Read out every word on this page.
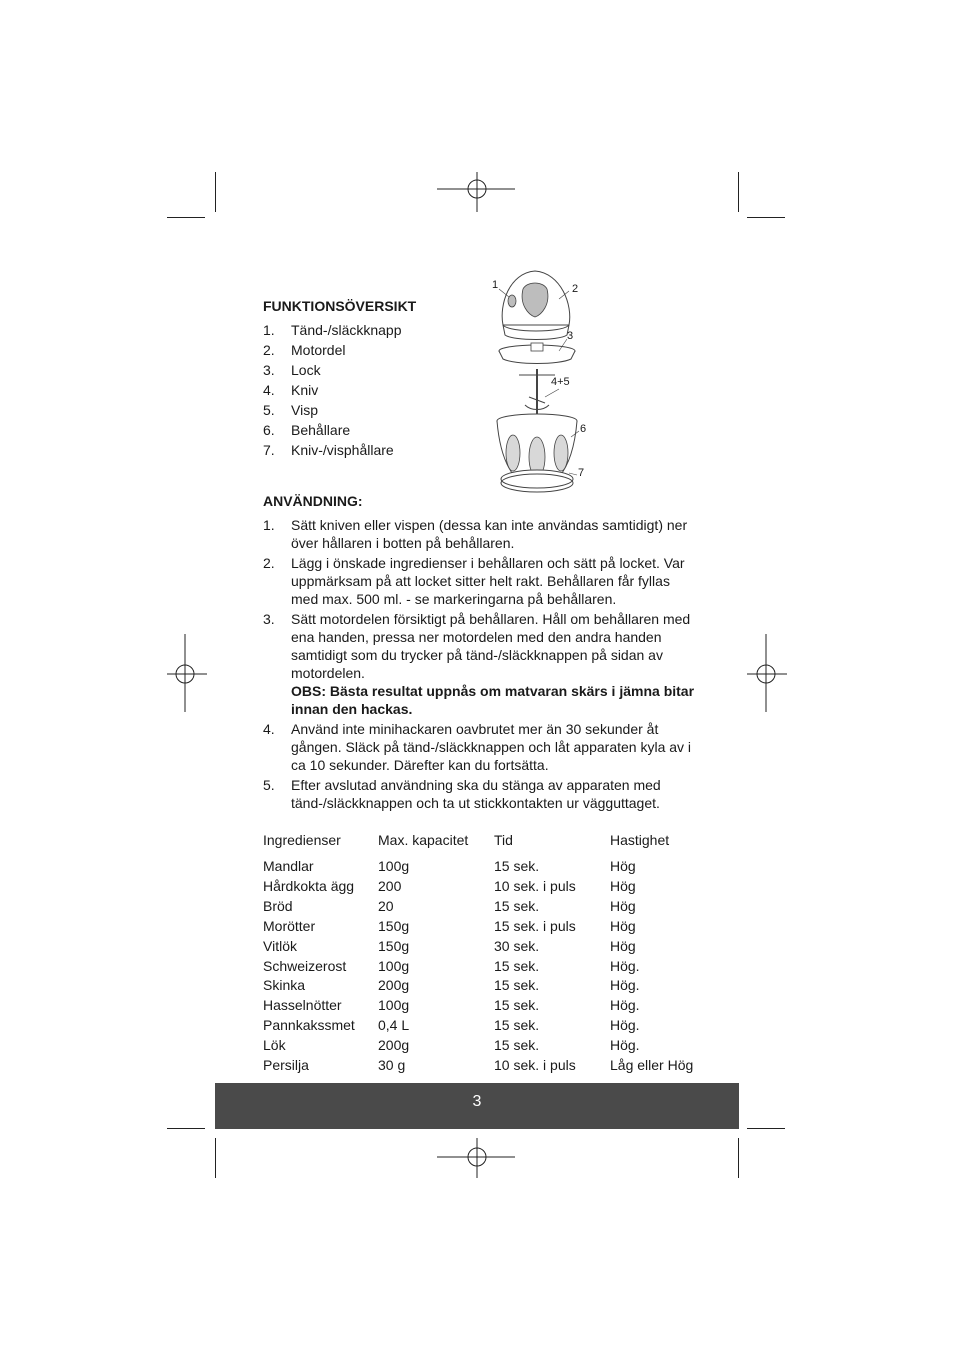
FUNKTIONSÖVERSIKT
1. Tänd-/släckknapp
2. Motordel
3. Lock
4. Kniv
5. Visp
6. Behållare
7. Kniv-/visphållare
1	2
3
4+5
6
7
ANVÄNDNING:
1. Sätt kniven eller vispen (dessa kan inte användas samtidigt) ner över hållaren i botten på behållaren.
2. Lägg i önskade ingredienser i behållaren och sätt på locket. Var uppmärksam på att locket sitter helt rakt. Behållaren får fyllas med max. 500 ml. - se markeringarna på behållaren.
3. Sätt motordelen försiktigt på behållaren. Håll om behållaren med ena handen, pressa ner motordelen med den andra handen samtidigt som du trycker på tänd-/släckknappen på sidan av motordelen.
OBS: Bästa resultat uppnås om matvaran skärs i jämna bitar innan den hackas.
4. Använd inte minihackaren oavbrutet mer än 30 sekunder åt gången. Släck på tänd-/släckknappen och låt apparaten kyla av i ca 10 sekunder. Därefter kan du fortsätta.
5. Efter avslutad användning ska du stänga av apparaten med tänd-/släckknappen och ta ut stickkontakten ur vägguttaget.
Ingredienser	Max. kapacitet	Tid	Hastighet
Mandlar	100g	15 sek.	Hög
Hårdkokta ägg	200	10 sek. i puls	Hög
Bröd	20	15 sek.	Hög
Morötter	150g	15 sek. i puls	Hög
Vitlök	150g	30 sek.	Hög
Schweizerost	100g	15 sek.	Hög.
Skinka	200g	15 sek.	Hög.
Hasselnötter	100g	15 sek.	Hög.
Pannkakssmet	0,4 L	15 sek.	Hög.
Lök	200g	15 sek.	Hög.
Persilja	30 g	10 sek. i puls	Låg eller Hög
3
